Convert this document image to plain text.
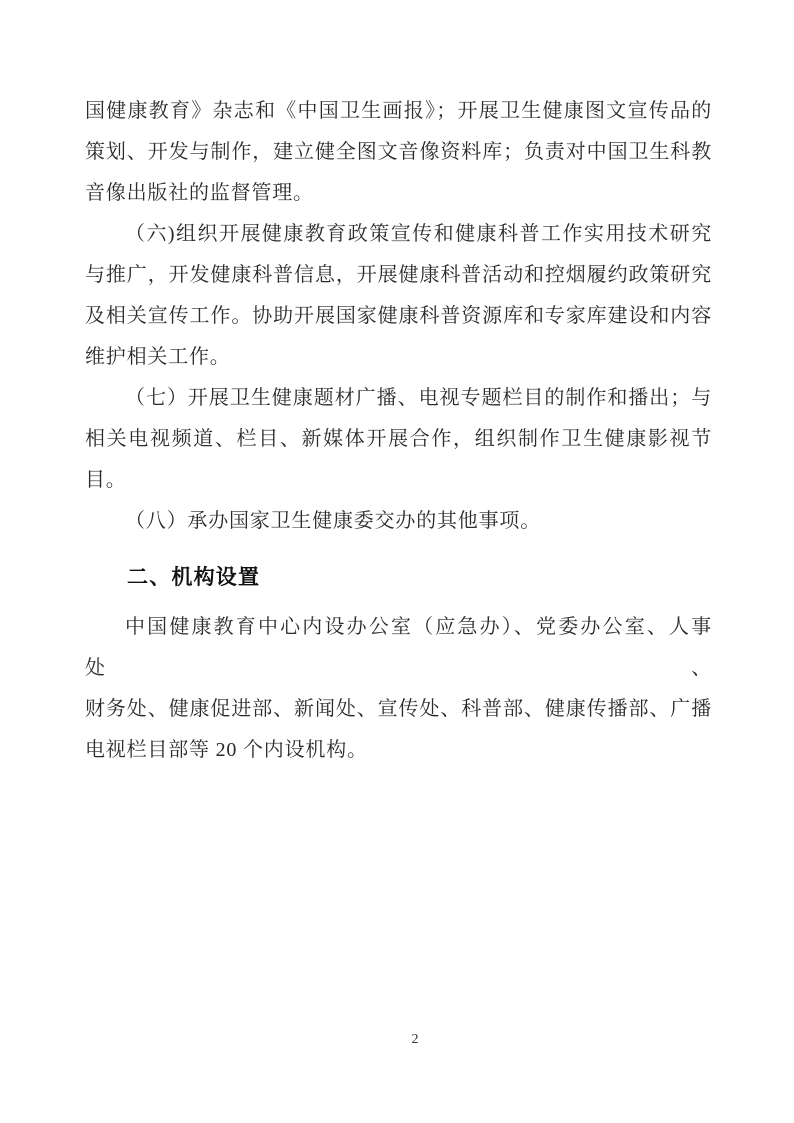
国健康教育》杂志和《中国卫生画报》；开展卫生健康图文宣传品的
策划、开发与制作，建立健全图文音像资料库；负责对中国卫生科教
音像出版社的监督管理。
（六)组织开展健康教育政策宣传和健康科普工作实用技术研究
与推广，开发健康科普信息，开展健康科普活动和控烟履约政策研究
及相关宣传工作。协助开展国家健康科普资源库和专家库建设和内容
维护相关工作。
（七）开展卫生健康题材广播、电视专题栏目的制作和播出；与
相关电视频道、栏目、新媒体开展合作，组织制作卫生健康影视节目。
（八）承办国家卫生健康委交办的其他事项。
二、机构设置
中国健康教育中心内设办公室（应急办）、党委办公室、人事处、
财务处、健康促进部、新闻处、宣传处、科普部、健康传播部、广播
电视栏目部等 20 个内设机构。
2
